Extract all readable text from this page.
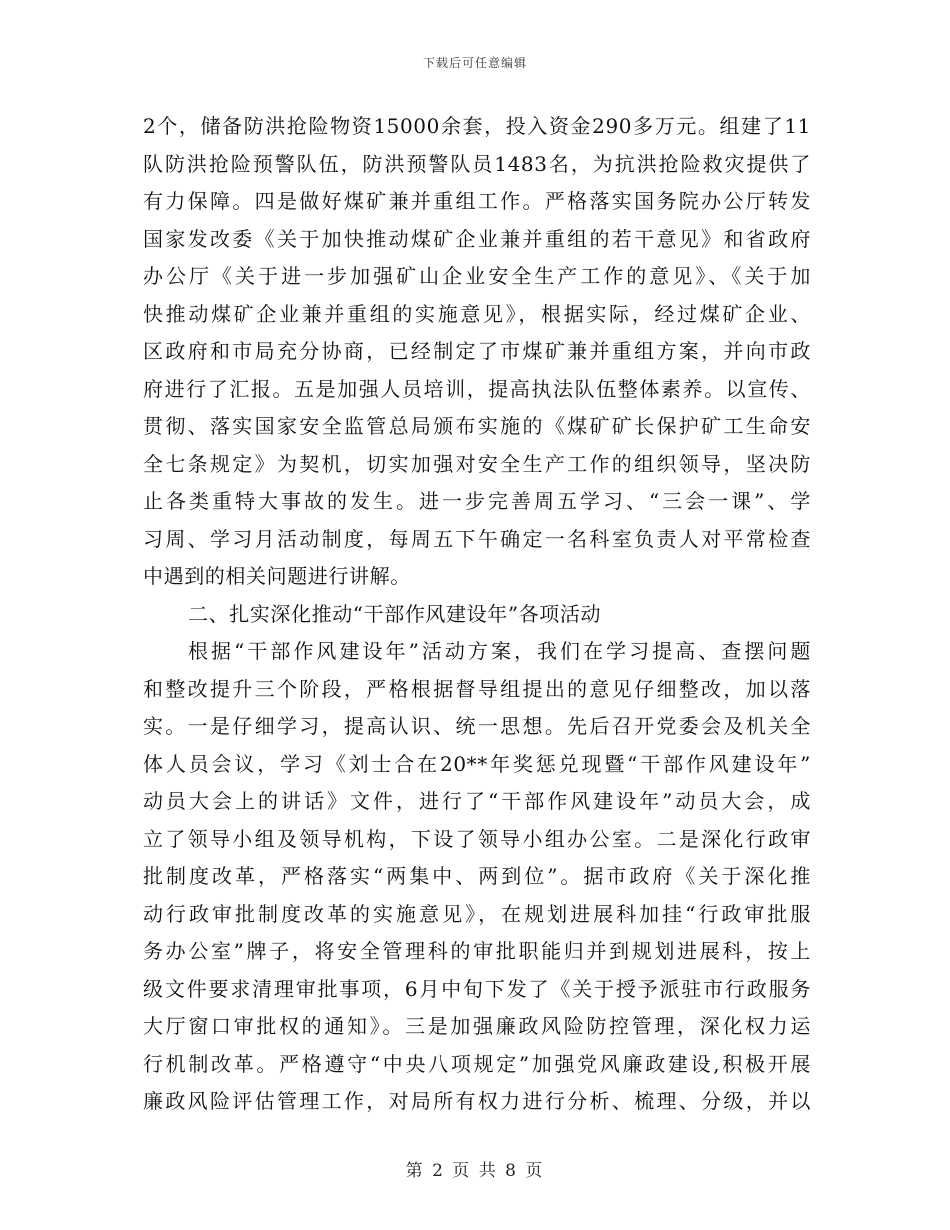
下载后可任意编辑
2个，储备防洪抢险物资15000余套，投入资金290多万元。组建了11
队防洪抢险预警队伍，防洪预警队员1483名，为抗洪抢险救灾提供了
有力保障。四是做好煤矿兼并重组工作。严格落实国务院办公厅转发
国家发改委《关于加快推动煤矿企业兼并重组的若干意见》和省政府
办公厅《关于进一步加强矿山企业安全生产工作的意见》、《关于加
快推动煤矿企业兼并重组的实施意见》，根据实际，经过煤矿企业、
区政府和市局充分协商，已经制定了市煤矿兼并重组方案，并向市政
府进行了汇报。五是加强人员培训，提高执法队伍整体素养。以宣传、
贯彻、落实国家安全监管总局颁布实施的《煤矿矿长保护矿工生命安
全七条规定》为契机，切实加强对安全生产工作的组织领导，坚决防
止各类重特大事故的发生。进一步完善周五学习、“三会一课”、学
习周、学习月活动制度，每周五下午确定一名科室负责人对平常检查
中遇到的相关问题进行讲解。
二、扎实深化推动“干部作风建设年”各项活动
根据“干部作风建设年”活动方案，我们在学习提高、查摆问题
和整改提升三个阶段，严格根据督导组提出的意见仔细整改，加以落
实。一是仔细学习，提高认识、统一思想。先后召开党委会及机关全
体人员会议，学习《刘士合在20**年奖惩兑现暨“干部作风建设年”
动员大会上的讲话》文件，进行了“干部作风建设年”动员大会，成
立了领导小组及领导机构，下设了领导小组办公室。二是深化行政审
批制度改革，严格落实“两集中、两到位”。据市政府《关于深化推
动行政审批制度改革的实施意见》，在规划进展科加挂“行政审批服
务办公室”牌子，将安全管理科的审批职能归并到规划进展科，按上
级文件要求清理审批事项，6月中旬下发了《关于授予派驻市行政服务
大厅窗口审批权的通知》。三是加强廉政风险防控管理，深化权力运
行机制改革。严格遵守“中央八项规定”加强党风廉政建设,积极开展
廉政风险评估管理工作，对局所有权力进行分析、梳理、分级，并以
第 2 页 共 8 页
